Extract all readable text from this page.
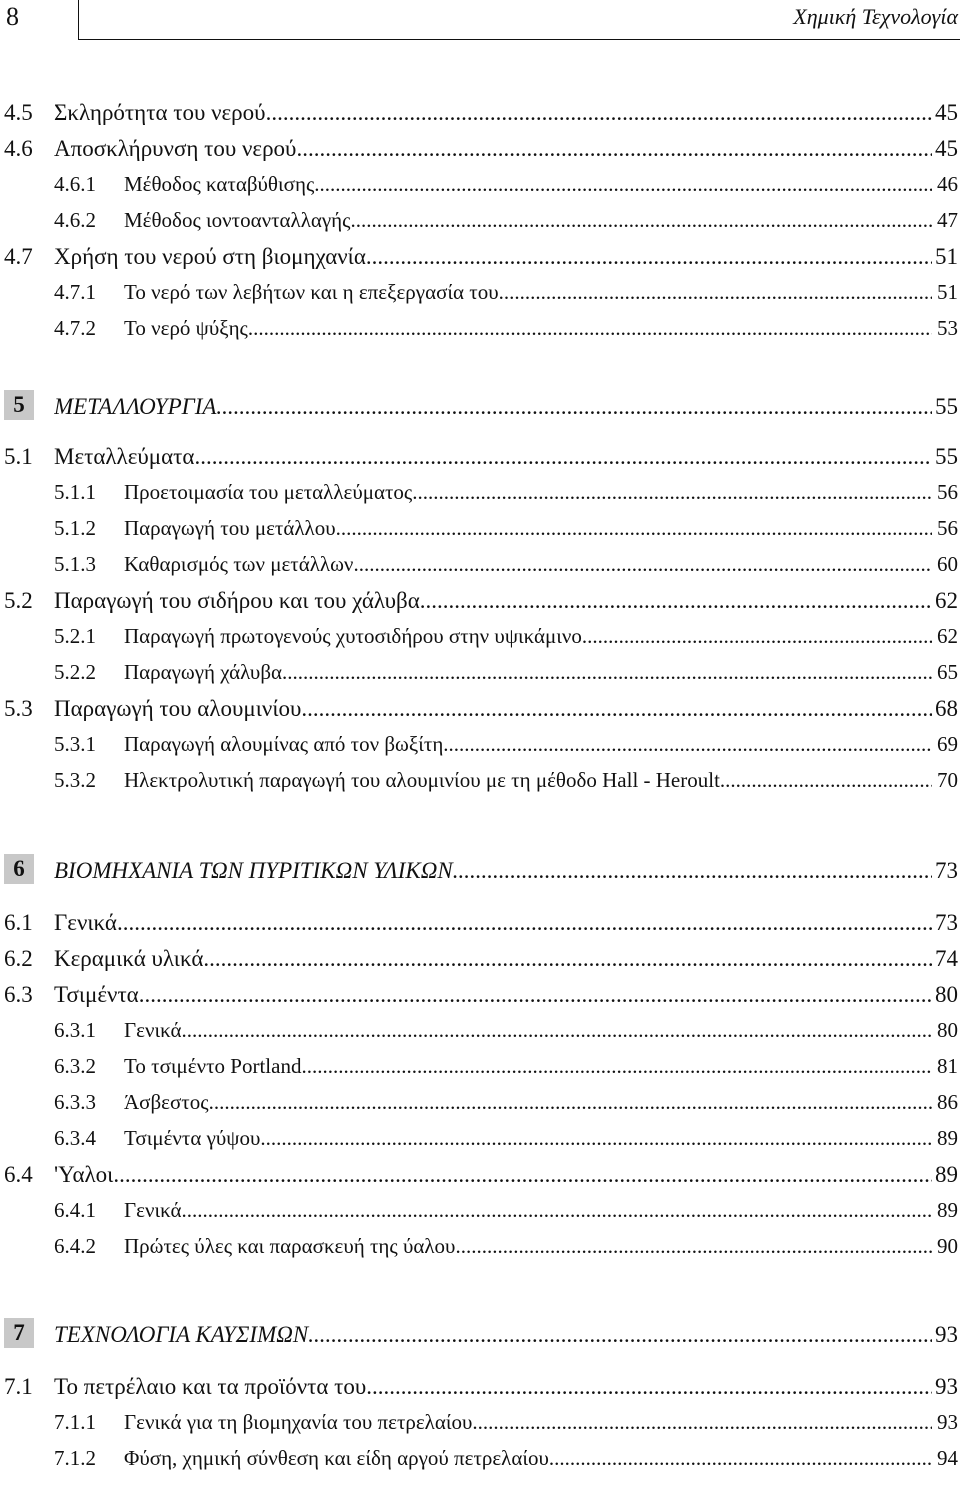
8	Χημική Τεχνολογία
4.5 Σκληρότητα του νερού .....	45
4.6 Αποσκλήρυνση του νερού .....	45
4.6.1 Μέθοδος καταβύθισης .....	46
4.6.2 Μέθοδος ιοντοανταλλαγής .....	47
4.7 Χρήση του νερού στη βιομηχανία .....	51
4.7.1 Το νερό των λεβήτων και η επεξεργασία του .....	51
4.7.2 Το νερό ψύξης .....	53
5	ΜΕΤΑΛΛΟΥΡΓΙΑ .....	55
5.1 Μεταλλεύματα .....	55
5.1.1 Προετοιμασία του μεταλλεύματος .....	56
5.1.2 Παραγωγή του μετάλλου .....	56
5.1.3 Καθαρισμός των μετάλλων .....	60
5.2 Παραγωγή του σιδήρου και του χάλυβα .....	62
5.2.1 Παραγωγή πρωτογενούς χυτοσιδήρου στην υψικάμινο .....	62
5.2.2 Παραγωγή χάλυβα .....	65
5.3 Παραγωγή του αλουμινίου .....	68
5.3.1 Παραγωγή αλουμίνας από τον βωξίτη .....	69
5.3.2 Ηλεκτρολυτική παραγωγή του αλουμινίου με τη μέθοδο Hall - Heroult .....	70
6	ΒΙΟΜΗΧΑΝΙΑ ΤΩΝ ΠΥΡΙΤΙΚΩΝ ΥΛΙΚΩΝ .....	73
6.1 Γενικά .....	73
6.2 Κεραμικά υλικά .....	74
6.3 Τσιμέντα .....	80
6.3.1 Γενικά .....	80
6.3.2 Το τσιμέντο Portland .....	81
6.3.3 Άσβεστος .....	86
6.3.4 Τσιμέντα γύψου .....	89
6.4 'Υαλοι .....	89
6.4.1 Γενικά .....	89
6.4.2 Πρώτες ύλες και παρασκευή της ύαλου .....	90
7	ΤΕΧΝΟΛΟΓΙΑ ΚΑΥΣΙΜΩΝ .....	93
7.1 Το πετρέλαιο και τα προϊόντα του .....	93
7.1.1 Γενικά για τη βιομηχανία του πετρελαίου .....	93
7.1.2 Φύση, χημική σύνθεση και είδη αργού πετρελαίου .....	94
